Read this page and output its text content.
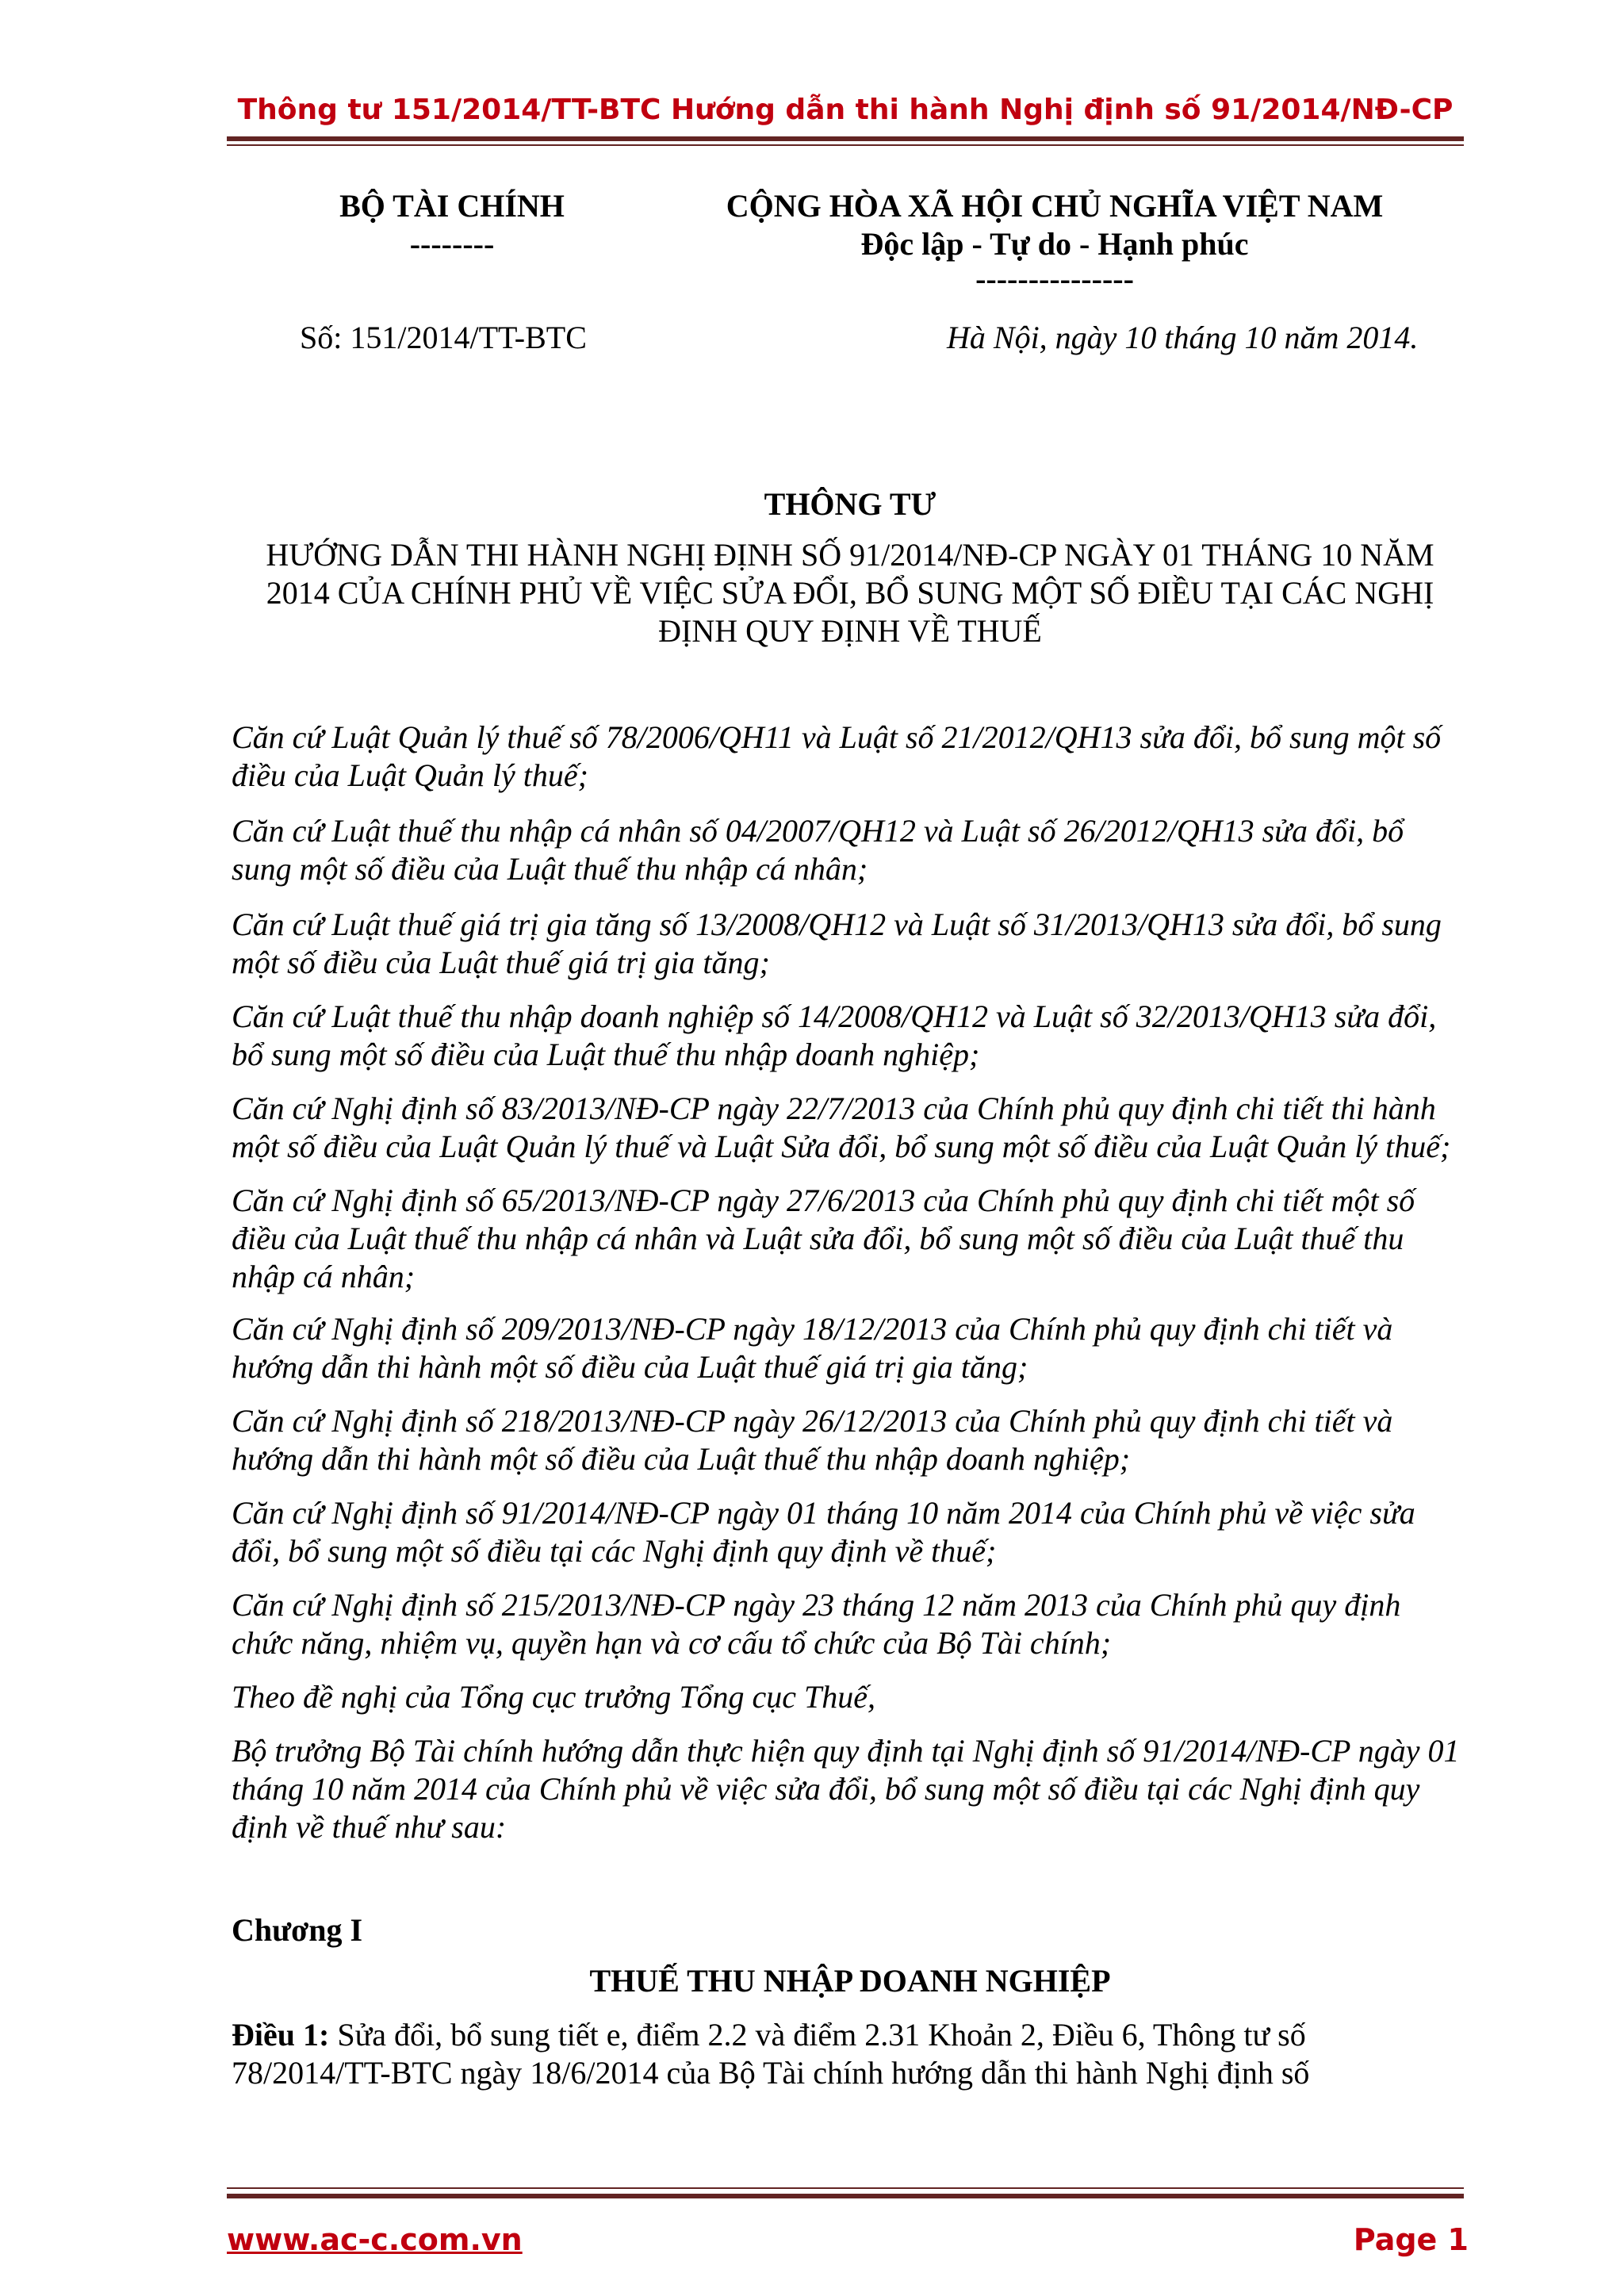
Thông tư 151/2014/TT-BTC Hướng dẫn thi hành Nghị định số 91/2014/NĐ-CP
BỘ TÀI CHÍNH
--------
CỘNG HÒA XÃ HỘI CHỦ NGHĨA VIỆT NAM
Độc lập - Tự do - Hạnh phúc
---------------
Số: 151/2014/TT-BTC	Hà Nội, ngày 10 tháng 10 năm 2014.
THÔNG TƯ
HƯỚNG DẪN THI HÀNH NGHỊ ĐỊNH SỐ 91/2014/NĐ-CP NGÀY 01 THÁNG 10 NĂM
2014 CỦA CHÍNH PHỦ VỀ VIỆC SỬA ĐỔI, BỔ SUNG MỘT SỐ ĐIỀU TẠI CÁC NGHỊ
ĐỊNH QUY ĐỊNH VỀ THUẾ
Căn cứ Luật Quản lý thuế số 78/2006/QH11 và Luật số 21/2012/QH13 sửa đổi, bổ sung một số
điều của Luật Quản lý thuế;
Căn cứ Luật thuế thu nhập cá nhân số 04/2007/QH12 và Luật số 26/2012/QH13 sửa đổi, bổ
sung một số điều của Luật thuế thu nhập cá nhân;
Căn cứ Luật thuế giá trị gia tăng số 13/2008/QH12 và Luật số 31/2013/QH13 sửa đổi, bổ sung
một số điều của Luật thuế giá trị gia tăng;
Căn cứ Luật thuế thu nhập doanh nghiệp số 14/2008/QH12 và Luật số 32/2013/QH13 sửa đổi,
bổ sung một số điều của Luật thuế thu nhập doanh nghiệp;
Căn cứ Nghị định số 83/2013/NĐ-CP ngày 22/7/2013 của Chính phủ quy định chi tiết thi hành
một số điều của Luật Quản lý thuế và Luật Sửa đổi, bổ sung một số điều của Luật Quản lý thuế;
Căn cứ Nghị định số 65/2013/NĐ-CP ngày 27/6/2013 của Chính phủ quy định chi tiết một số
điều của Luật thuế thu nhập cá nhân và Luật sửa đổi, bổ sung một số điều của Luật thuế thu
nhập cá nhân;
Căn cứ Nghị định số 209/2013/NĐ-CP ngày 18/12/2013 của Chính phủ quy định chi tiết và
hướng dẫn thi hành một số điều của Luật thuế giá trị gia tăng;
Căn cứ Nghị định số 218/2013/NĐ-CP ngày 26/12/2013 của Chính phủ quy định chi tiết và
hướng dẫn thi hành một số điều của Luật thuế thu nhập doanh nghiệp;
Căn cứ Nghị định số 91/2014/NĐ-CP ngày 01 tháng 10 năm 2014 của Chính phủ về việc sửa
đổi, bổ sung một số điều tại các Nghị định quy định về thuế;
Căn cứ Nghị định số 215/2013/NĐ-CP ngày 23 tháng 12 năm 2013 của Chính phủ quy định
chức năng, nhiệm vụ, quyền hạn và cơ cấu tổ chức của Bộ Tài chính;
Theo đề nghị của Tổng cục trưởng Tổng cục Thuế,
Bộ trưởng Bộ Tài chính hướng dẫn thực hiện quy định tại Nghị định số 91/2014/NĐ-CP ngày 01
tháng 10 năm 2014 của Chính phủ về việc sửa đổi, bổ sung một số điều tại các Nghị định quy
định về thuế như sau:
Chương I
THUẾ THU NHẬP DOANH NGHIỆP
Điều 1: Sửa đổi, bổ sung tiết e, điểm 2.2 và điểm 2.31 Khoản 2, Điều 6, Thông tư số
78/2014/TT-BTC ngày 18/6/2014 của Bộ Tài chính hướng dẫn thi hành Nghị định số
www.ac-c.com.vn	Page 1
